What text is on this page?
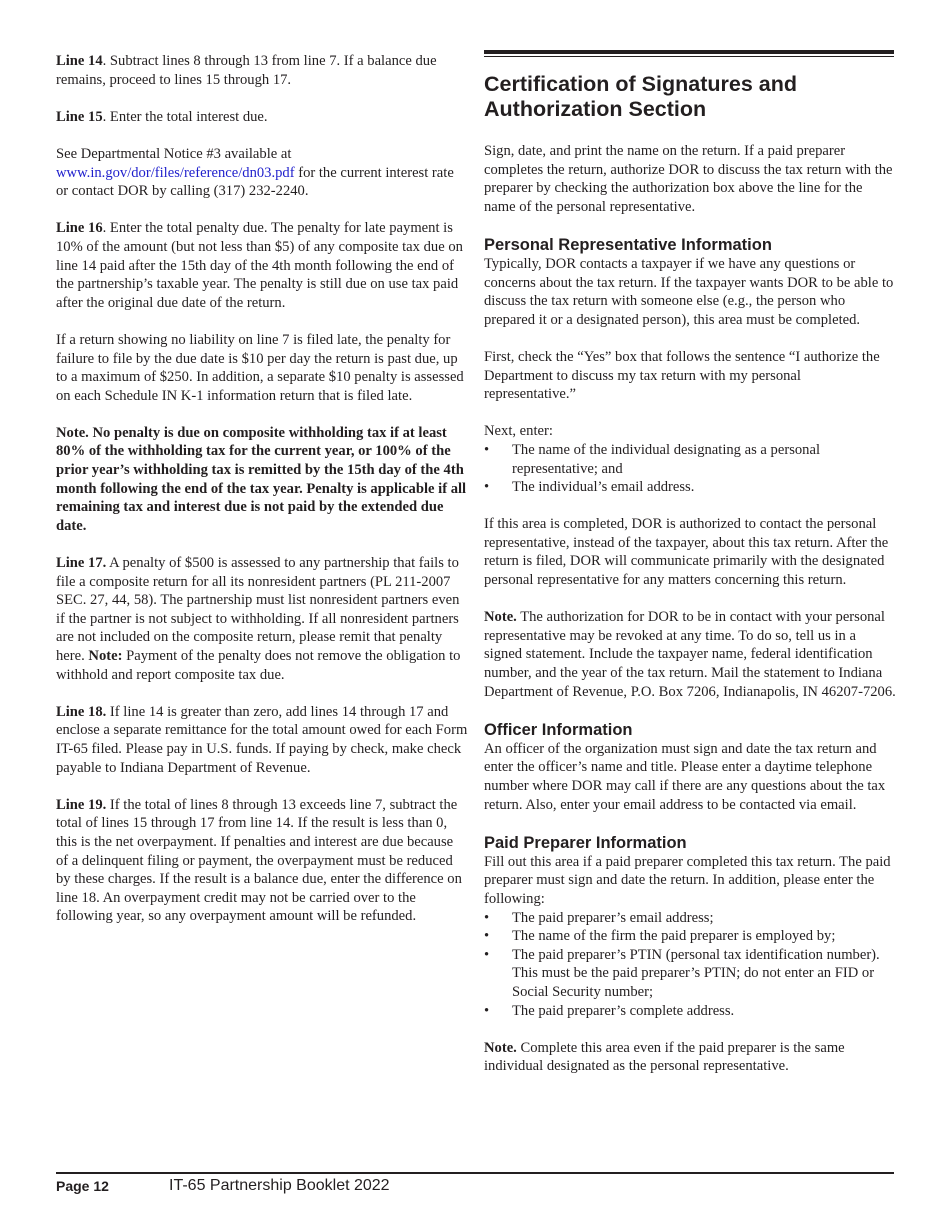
Line 14. Subtract lines 8 through 13 from line 7. If a balance due remains, proceed to lines 15 through 17.

Line 15. Enter the total interest due.

See Departmental Notice #3 available at www.in.gov/dor/files/reference/dn03.pdf for the current interest rate or contact DOR by calling (317) 232-2240.

Line 16. Enter the total penalty due. The penalty for late payment is 10% of the amount (but not less than $5) of any composite tax due on line 14 paid after the 15th day of the 4th month following the end of the partnership’s taxable year. The penalty is still due on use tax paid after the original due date of the return.

If a return showing no liability on line 7 is filed late, the penalty for failure to file by the due date is $10 per day the return is past due, up to a maximum of $250. In addition, a separate $10 penalty is assessed on each Schedule IN K-1 information return that is filed late.

Note. No penalty is due on composite withholding tax if at least 80% of the withholding tax for the current year, or 100% of the prior year’s withholding tax is remitted by the 15th day of the 4th month following the end of the tax year. Penalty is applicable if all remaining tax and interest due is not paid by the extended due date.

Line 17. A penalty of $500 is assessed to any partnership that fails to file a composite return for all its nonresident partners (PL 211-2007 SEC. 27, 44, 58). The partnership must list nonresident partners even if the partner is not subject to withholding. If all nonresident partners are not included on the composite return, please remit that penalty here. Note: Payment of the penalty does not remove the obligation to withhold and report composite tax due.

Line 18. If line 14 is greater than zero, add lines 14 through 17 and enclose a separate remittance for the total amount owed for each Form IT-65 filed. Please pay in U.S. funds. If paying by check, make check payable to Indiana Department of Revenue.

Line 19. If the total of lines 8 through 13 exceeds line 7, subtract the total of lines 15 through 17 from line 14. If the result is less than 0, this is the net overpayment. If penalties and interest are due because of a delinquent filing or payment, the overpayment must be reduced by these charges. If the result is a balance due, enter the difference on line 18. An overpayment credit may not be carried over to the following year, so any overpayment amount will be refunded.

Certification of Signatures and Authorization Section

Sign, date, and print the name on the return. If a paid preparer completes the return, authorize DOR to discuss the tax return with the preparer by checking the authorization box above the line for the name of the personal representative.

Personal Representative Information

Typically, DOR contacts a taxpayer if we have any questions or concerns about the tax return. If the taxpayer wants DOR to be able to discuss the tax return with someone else (e.g., the person who prepared it or a designated person), this area must be completed.

First, check the “Yes” box that follows the sentence “I authorize the Department to discuss my tax return with my personal representative.”

Next, enter:
• The name of the individual designating as a personal representative; and
• The individual’s email address.

If this area is completed, DOR is authorized to contact the personal representative, instead of the taxpayer, about this tax return. After the return is filed, DOR will communicate primarily with the designated personal representative for any matters concerning this return.

Note. The authorization for DOR to be in contact with your personal representative may be revoked at any time. To do so, tell us in a signed statement. Include the taxpayer name, federal identification number, and the year of the tax return. Mail the statement to Indiana Department of Revenue, P.O. Box 7206, Indianapolis, IN 46207-7206.

Officer Information

An officer of the organization must sign and date the tax return and enter the officer’s name and title. Please enter a daytime telephone number where DOR may call if there are any questions about the tax return. Also, enter your email address to be contacted via email.

Paid Preparer Information
Fill out this area if a paid preparer completed this tax return. The paid preparer must sign and date the return. In addition, please enter the following:
• The paid preparer’s email address;
• The name of the firm the paid preparer is employed by;
• The paid preparer’s PTIN (personal tax identification number). This must be the paid preparer’s PTIN; do not enter an FID or Social Security number;
• The paid preparer’s complete address.

Note. Complete this area even if the paid preparer is the same individual designated as the personal representative.

Page 12	IT-65 Partnership Booklet 2022
